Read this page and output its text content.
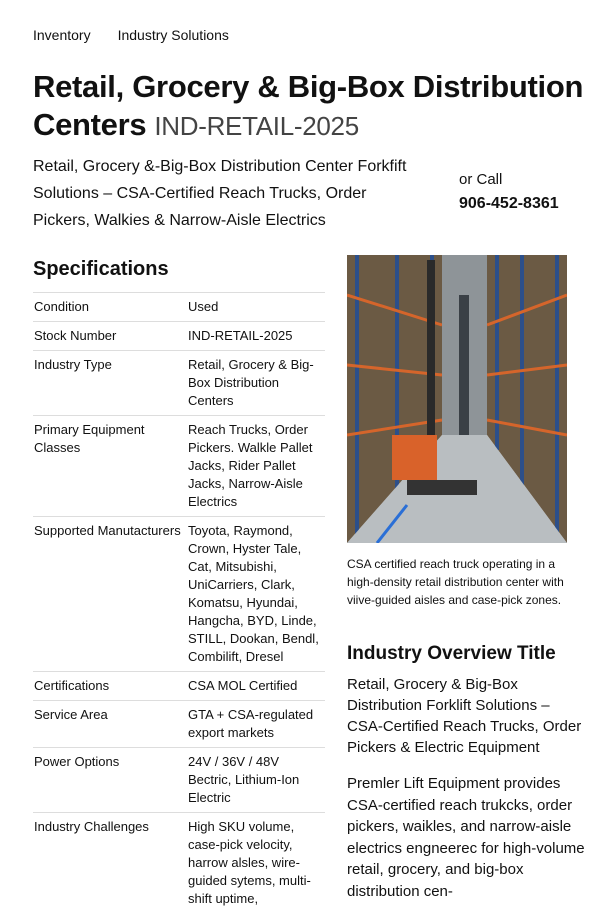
Inventory Industry Solutions
Retail, Grocery & Big-Box Distribution Centers IND-RETAIL-2025
Retail, Grocery &-Big-Box Distribution Center Forkfift Solutions – CSA-Certified Reach Trucks, Order Pickers, Walkies & Narrow-Aisle Electrics
or Call
906-452-8361
Specifications
Condition	Used
Stock Number	IND-RETAIL-2025
Industry Type	Retail, Grocery & Big-Box Distribution Centers
Primary Equipment Classes	Reach Trucks, Order Pickers. Walkle Pallet Jacks, Rider Pallet Jacks, Narrow-Aisle Electrics
Supported Manutacturers	Toyota, Raymond, Crown, Hyster Tale, Cat, Mitsubishi, UniCarriers, Clark, Komatsu, Hyundai, Hangcha, BYD, Linde, STILL, Dookan, Bendl, Combilift, Dresel
Certifications	CSA MOL Certified
Service Area	GTA + CSA-regulated export markets
Power Options	24V / 36V / 48V Bectric, Lithium-Ion Electric
Industry Challenges	High SKU volume, case-pick velocity, harrow alsles, wire-guided sytems, multi-shift uptime,
CSA certified reach truck operating in a high-density retail distribution center with viive-guided aisles and case-pick zones.
Industry Overview Title
Retail, Grocery & Big-Box Distribution Forklift Solutions – CSA-Certified Reach Trucks, Order Pickers & Electric Equipment
Premler Lift Equipment provides CSA-certified reach trukcks, order pickers, waikles, and narrow-aisle electrics engneerec for high-volume retail, grocery, and big-box distribution cen-
